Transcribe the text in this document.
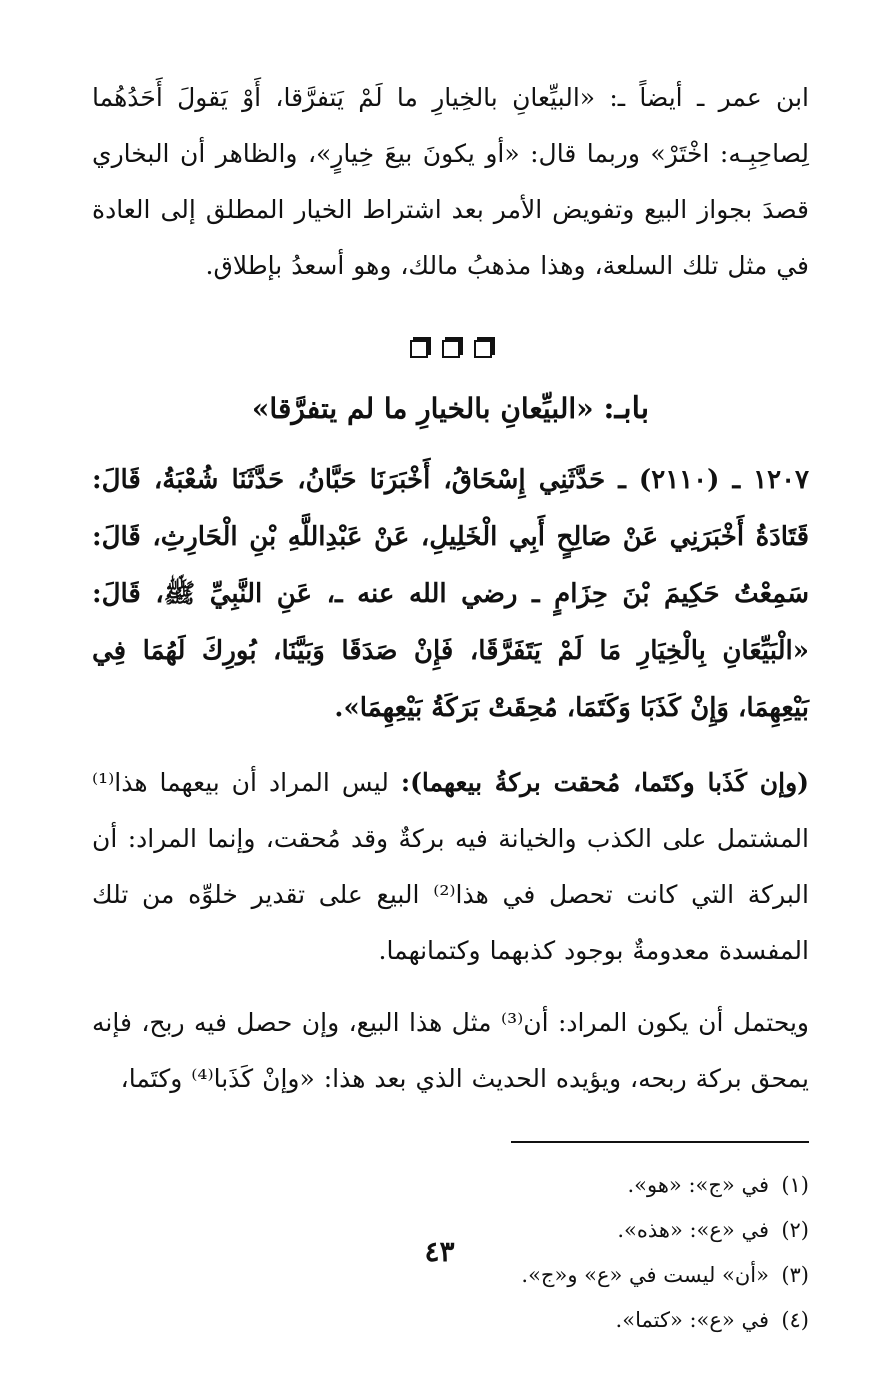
ابن عمر ـ أيضاً ـ: «البيِّعانِ بالخِيارِ ما لَمْ يَتفرَّقا، أَوْ يَقولَ أَحَدُهُما لِصاحِبِـه: اخْتَرْ» وربما قال: «أو يكونَ بيعَ خِيارٍ»، والظاهر أن البخاري قصدَ بجواز البيع وتفويض الأمر بعد اشتراط الخيار المطلق إلى العادة في مثل تلك السلعة، وهذا مذهبُ مالك، وهو أسعدُ بإطلاق.

بابـ: «البيِّعانِ بالخيارِ ما لم يتفرَّقا»

١٢٠٧ ـ (٢١١٠) ـ حَدَّثَنِي إِسْحَاقُ، أَخْبَرَنَا حَبَّانُ، حَدَّثَنَا شُعْبَةُ، قَالَ: قَتَادَةُ أَخْبَرَنِي عَنْ صَالِحٍ أَبِي الْخَلِيلِ، عَنْ عَبْدِاللَّهِ بْنِ الْحَارِثِ، قَالَ: سَمِعْتُ حَكِيمَ بْنَ حِزَامٍ ـ رضي الله عنه ـ، عَنِ النَّبِيِّ ﷺ، قَالَ: «الْبَيِّعَانِ بِالْخِيَارِ مَا لَمْ يَتَفَرَّقَا، فَإِنْ صَدَقَا وَبَيَّنَا، بُورِكَ لَهُمَا فِي بَيْعِهِمَا، وَإِنْ كَذَبَا وَكَتَمَا، مُحِقَتْ بَرَكَةُ بَيْعِهِمَا».

(وإن كَذَبا وكتَما، مُحقت بركةُ بيعهما): ليس المراد أن بيعهما هذا⁽¹⁾ المشتمل على الكذب والخيانة فيه بركةٌ وقد مُحقت، وإنما المراد: أن البركة التي كانت تحصل في هذا⁽²⁾ البيع على تقدير خلوِّه من تلك المفسدة معدومةٌ بوجود كذبهما وكتمانهما.

ويحتمل أن يكون المراد: أن⁽³⁾ مثل هذا البيع، وإن حصل فيه ربح، فإنه يمحق بركة ربحه، ويؤيده الحديث الذي بعد هذا: «وإنْ كَذَبا⁽⁴⁾ وكتَما،

(١)في «ج»: «هو».
(٢)في «ع»: «هذه».
(٣)«أن» ليست في «ع» و«ج».
(٤)في «ع»: «كتما».
٤٣
